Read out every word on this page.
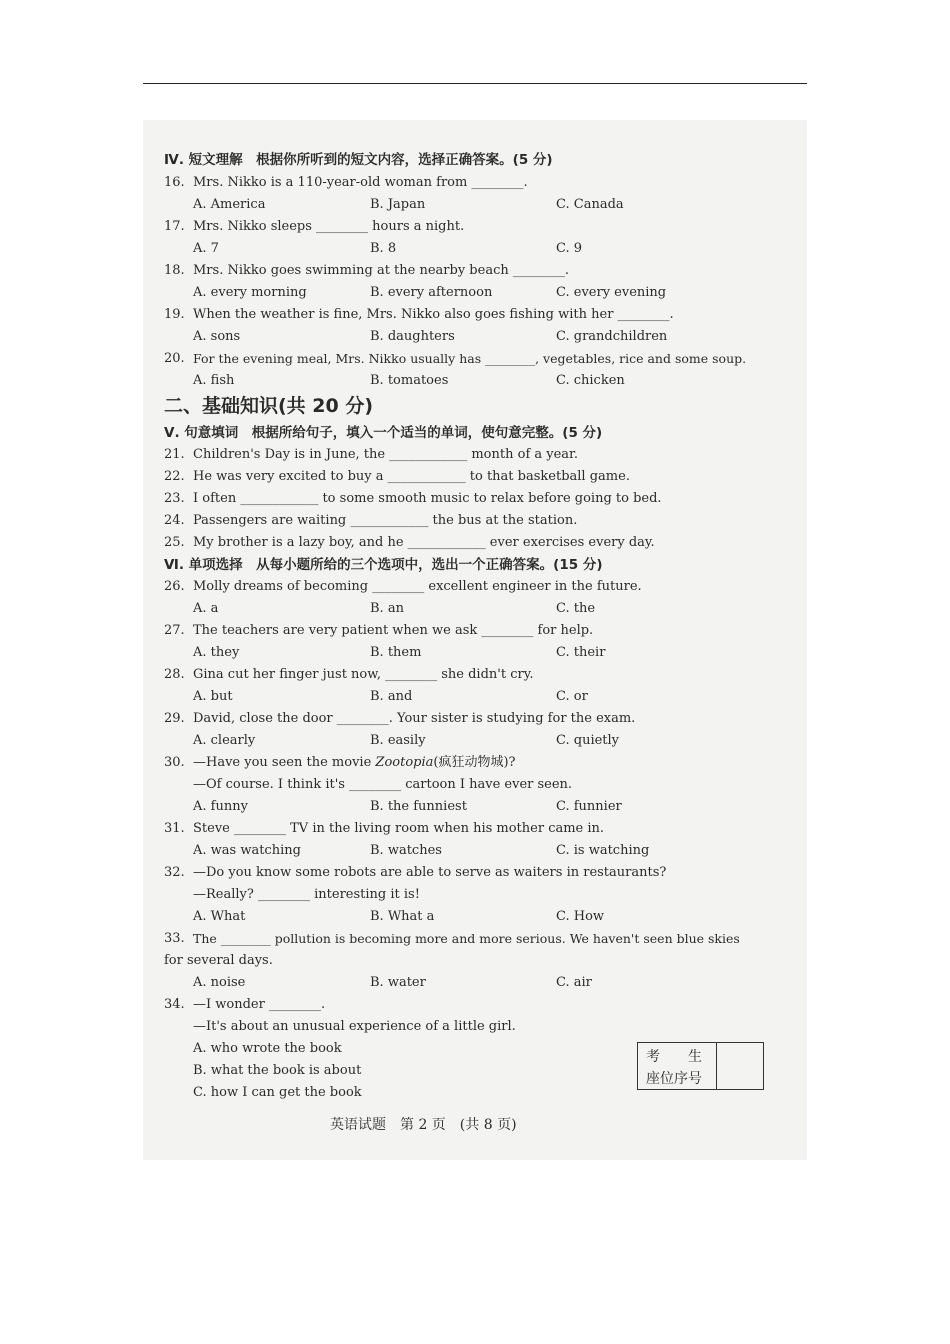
Ⅳ. 短文理解　根据你所听到的短文内容，选择正确答案。(5 分)
16. Mrs. Nikko is a 110-year-old woman from ________.
A. America	B. Japan	C. Canada
17. Mrs. Nikko sleeps ________ hours a night.
A. 7	B. 8	C. 9
18. Mrs. Nikko goes swimming at the nearby beach ________.
A. every morning	B. every afternoon	C. every evening
19. When the weather is fine, Mrs. Nikko also goes fishing with her ________.
A. sons	B. daughters	C. grandchildren
20. For the evening meal, Mrs. Nikko usually has ________, vegetables, rice and some soup.
A. fish	B. tomatoes	C. chicken
二、基础知识(共 20 分)
Ⅴ. 句意填词　根据所给句子，填入一个适当的单词，使句意完整。(5 分)
21. Children's Day is in June, the ____________ month of a year.
22. He was very excited to buy a ____________ to that basketball game.
23. I often ____________ to some smooth music to relax before going to bed.
24. Passengers are waiting ____________ the bus at the station.
25. My brother is a lazy boy, and he ____________ ever exercises every day.
Ⅵ. 单项选择　从每小题所给的三个选项中，选出一个正确答案。(15 分)
26. Molly dreams of becoming ________ excellent engineer in the future.
A. a	B. an	C. the
27. The teachers are very patient when we ask ________ for help.
A. they	B. them	C. their
28. Gina cut her finger just now, ________ she didn't cry.
A. but	B. and	C. or
29. David, close the door ________. Your sister is studying for the exam.
A. clearly	B. easily	C. quietly
30. —Have you seen the movie Zootopia(疯狂动物城)?
—Of course. I think it's ________ cartoon I have ever seen.
A. funny	B. the funniest	C. funnier
31. Steve ________ TV in the living room when his mother came in.
A. was watching	B. watches	C. is watching
32. —Do you know some robots are able to serve as waiters in restaurants?
—Really? ________ interesting it is!
A. What	B. What a	C. How
33. The ________ pollution is becoming more and more serious. We haven't seen blue skies
for several days.
A. noise	B. water	C. air
34. —I wonder ________.
—It's about an unusual experience of a little girl.
A. who wrote the book
B. what the book is about
C. how I can get the book
考生
座位序号
英语试题　第 2 页　(共 8 页)
